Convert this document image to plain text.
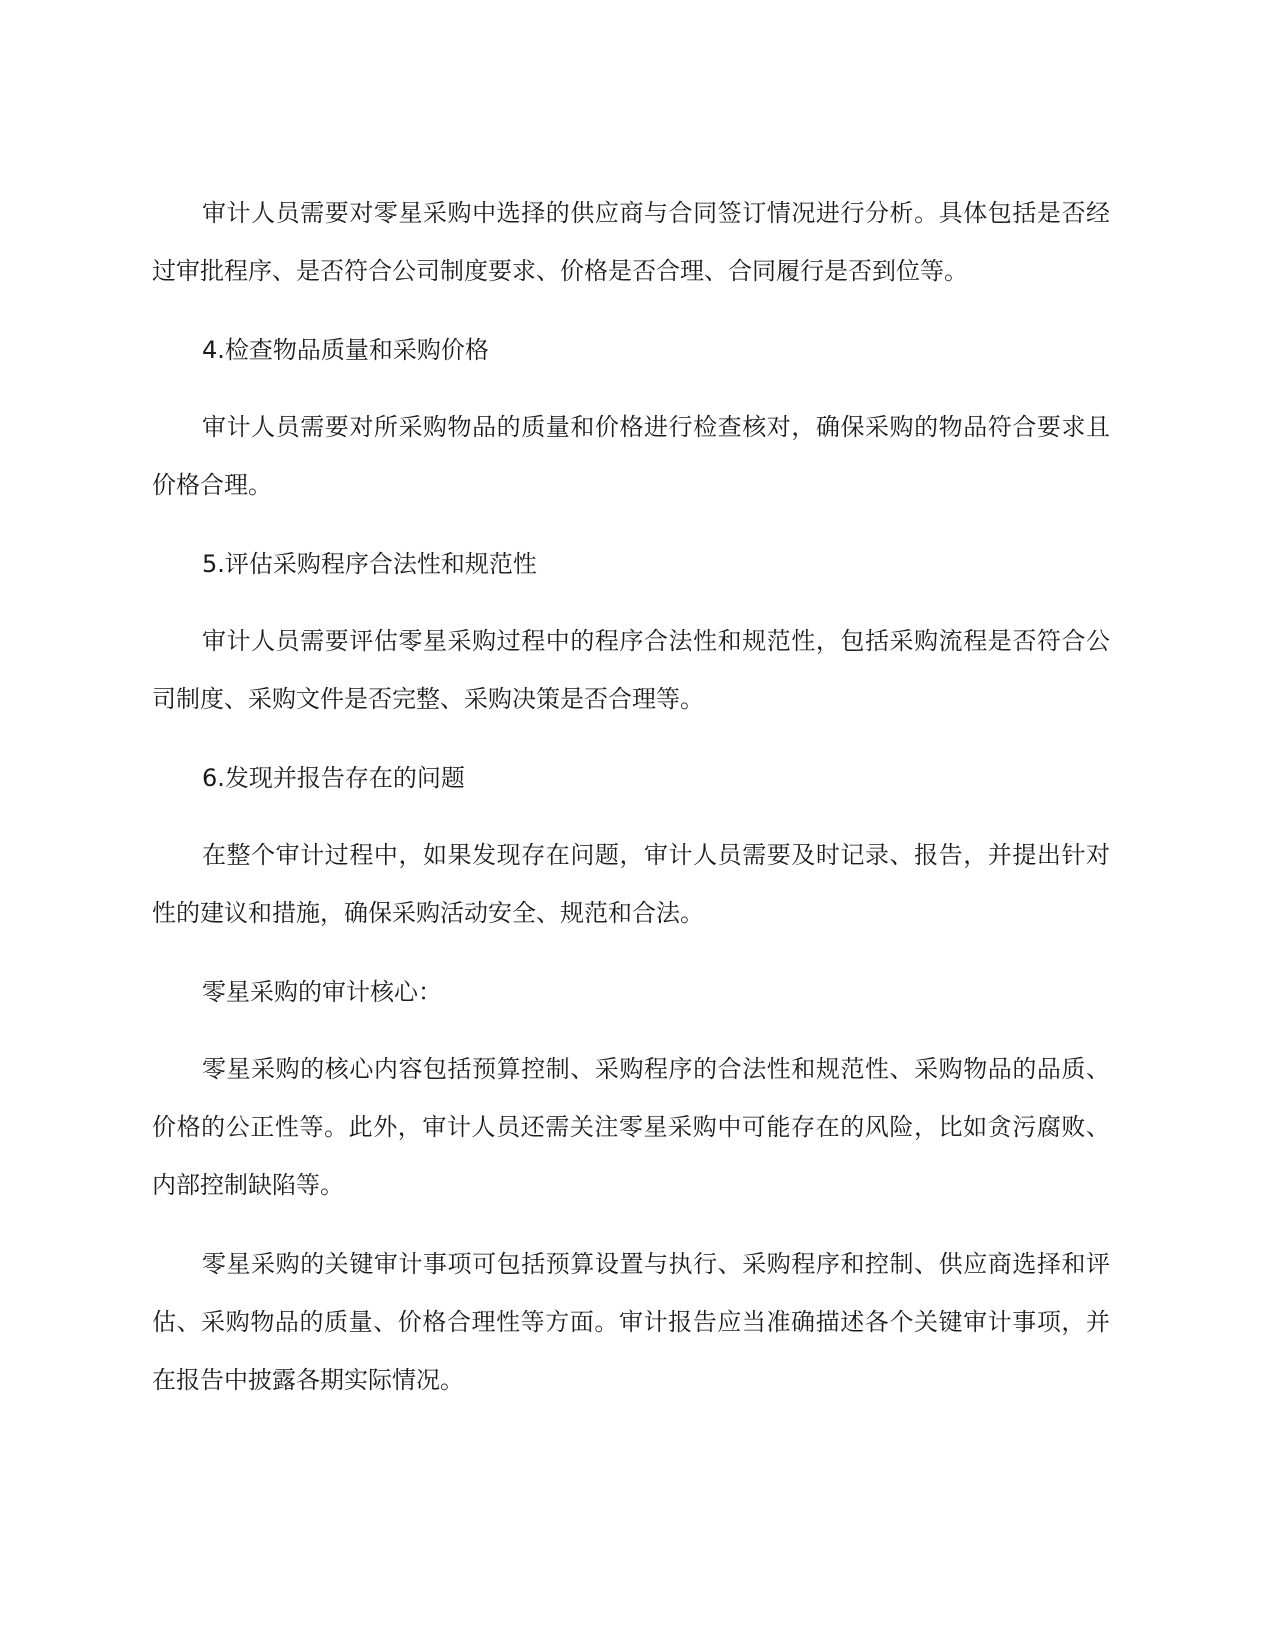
审计人员需要对零星采购中选择的供应商与合同签订情况进行分析。具体包括是否经过审批程序、是否符合公司制度要求、价格是否合理、合同履行是否到位等。

4.检查物品质量和采购价格

审计人员需要对所采购物品的质量和价格进行检查核对，确保采购的物品符合要求且价格合理。

5.评估采购程序合法性和规范性

审计人员需要评估零星采购过程中的程序合法性和规范性，包括采购流程是否符合公司制度、采购文件是否完整、采购决策是否合理等。

6.发现并报告存在的问题

在整个审计过程中，如果发现存在问题，审计人员需要及时记录、报告，并提出针对性的建议和措施，确保采购活动安全、规范和合法。

零星采购的审计核心：

零星采购的核心内容包括预算控制、采购程序的合法性和规范性、采购物品的品质、价格的公正性等。此外，审计人员还需关注零星采购中可能存在的风险，比如贪污腐败、内部控制缺陷等。

零星采购的关键审计事项可包括预算设置与执行、采购程序和控制、供应商选择和评估、采购物品的质量、价格合理性等方面。审计报告应当准确描述各个关键审计事项，并在报告中披露各期实际情况。
